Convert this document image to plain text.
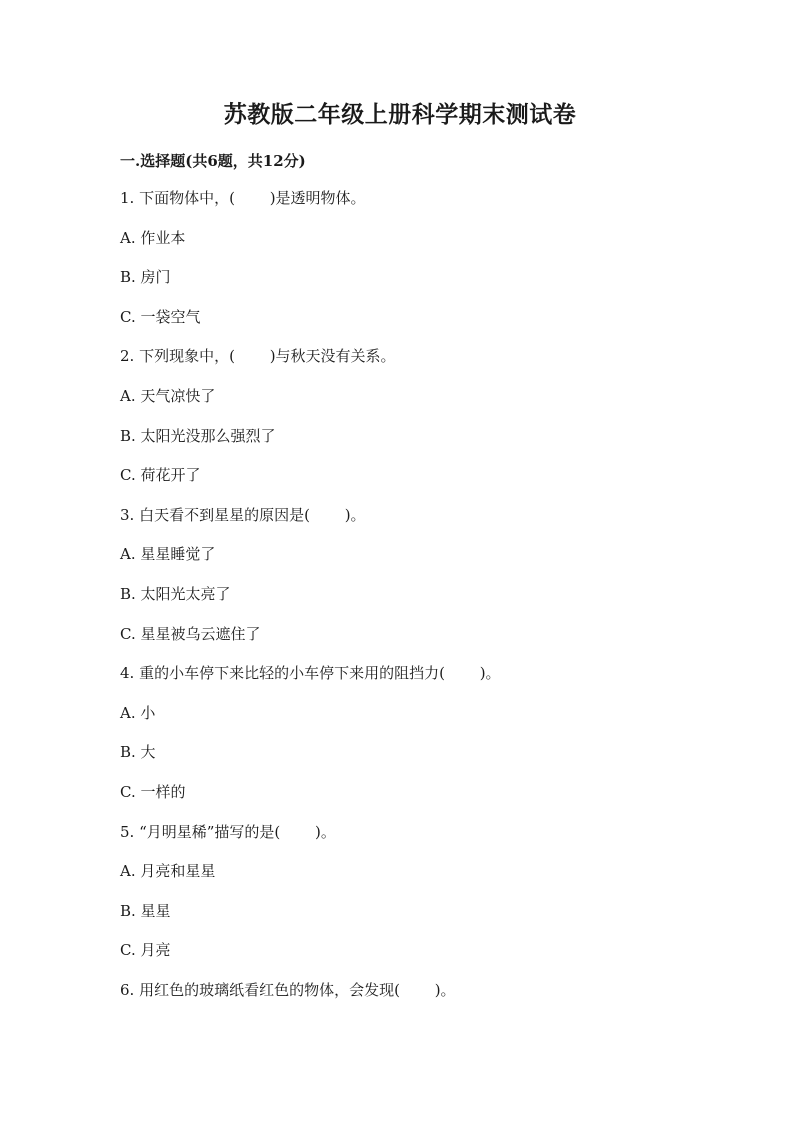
苏教版二年级上册科学期末测试卷
一.选择题(共6题，共12分)
1. 下面物体中，(　　 )是透明物体。
A. 作业本
B. 房门
C. 一袋空气
2. 下列现象中，(　　 )与秋天没有关系。
A. 天气凉快了
B. 太阳光没那么强烈了
C. 荷花开了
3. 白天看不到星星的原因是(　　 )。
A. 星星睡觉了
B. 太阳光太亮了
C. 星星被乌云遮住了
4. 重的小车停下来比轻的小车停下来用的阻挡力(　　 )。
A. 小
B. 大
C. 一样的
5. “月明星稀”描写的是(　　 )。
A. 月亮和星星
B. 星星
C. 月亮
6. 用红色的玻璃纸看红色的物体，会发现(　　 )。
